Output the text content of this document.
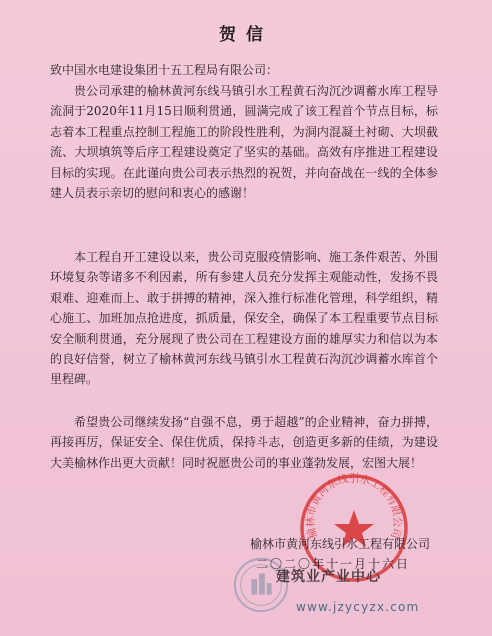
贺信
致中国水电建设集团十五工程局有限公司：

贵公司承建的榆林黄河东线马镇引水工程黄石沟沉沙调蓄水库工程导流洞于2020年11月15日顺利贯通，圆满完成了该工程首个节点目标，标志着本工程重点控制工程施工的阶段性胜利，为洞内混凝土衬砌、大坝截流、大坝填筑等后序工程建设奠定了坚实的基础。高效有序推进工程建设目标的实现。在此谨向贵公司表示热烈的祝贺，并向奋战在一线的全体参建人员表示亲切的慰问和衷心的感谢！

本工程自开工建设以来，贵公司克服疫情影响、施工条件艰苦、外围环境复杂等诸多不利因素，所有参建人员充分发挥主观能动性，发扬不畏艰难、迎难而上、敢于拼搏的精神，深入推行标准化管理，科学组织，精心施工、加班加点抢进度，抓质量，保安全，确保了本工程重要节点目标安全顺利贯通，充分展现了贵公司在工程建设方面的雄厚实力和信以为本的良好信誉，树立了榆林黄河东线马镇引水工程黄石沟沉沙调蓄水库首个里程碑。

希望贵公司继续发扬“自强不息，勇于超越”的企业精神，奋力拼搏，再接再厉，保证安全、保住优质，保持斗志，创造更多新的佳绩，为建设大美榆林作出更大贡献！同时祝愿贵公司的事业蓬勃发展，宏图大展！

榆林市黄河东线引水工程有限公司
榆林市黄河东线引水工程有限公司
二〇二〇年十一月十六日
建筑业产业中心
www.jzycyzx.com
